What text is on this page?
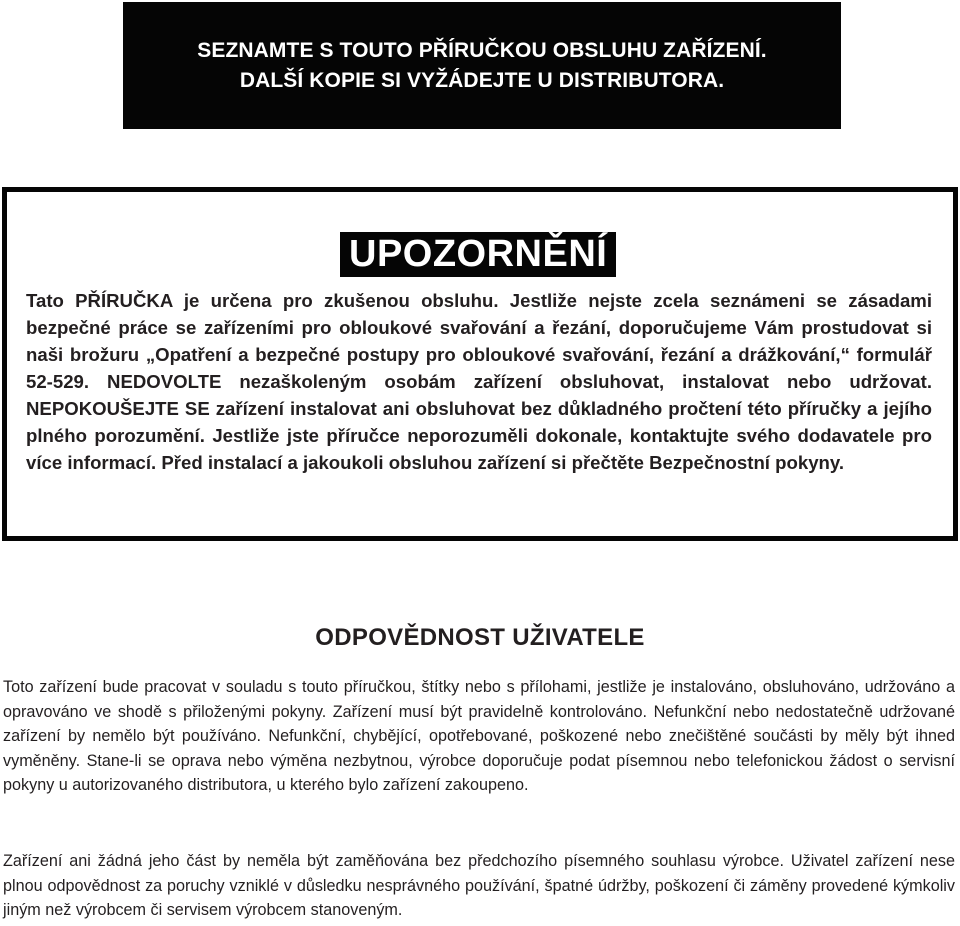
SEZNAMTE S TOUTO PŘÍRUČKOU OBSLUHU ZAŘÍZENÍ.
DALŠÍ KOPIE SI VYŽÁDEJTE U DISTRIBUTORA.
UPOZORNĚNÍ
Tato PŘÍRUČKA je určena pro zkušenou obsluhu. Jestliže nejste zcela seznámeni se zásadami bezpečné práce se zařízeními pro obloukové svařování a řezání, doporučujeme Vám prostudovat si naši brožuru „Opatření a bezpečné postupy pro obloukové svařování, řezání a drážkování,“ formulář 52-529. NEDOVOLTE nezaškoleným osobám zařízení obsluhovat, instalovat nebo udržovat. NEPOKOUŠEJTE SE zařízení instalovat ani obsluhovat bez důkladného pročtení této příručky a jejího plného porozumění. Jestliže jste příručce neporozuměli dokonale, kontaktujte svého dodavatele pro více informací. Před instalací a jakoukoli obsluhou zařízení si přečtěte Bezpečnostní pokyny.
ODPOVĚDNOST UŽIVATELE
Toto zařízení bude pracovat v souladu s touto příručkou, štítky nebo s přílohami, jestliže je instalováno, obsluhováno, udržováno a opravováno ve shodě s přiloženými pokyny. Zařízení musí být pravidelně kontrolováno. Nefunkční nebo nedostatečně udržované zařízení by nemělo být používáno. Nefunkční, chybějící, opotřebované, poškozené nebo znečištěné součásti by měly být ihned vyměněny. Stane-li se oprava nebo výměna nezbytnou, výrobce doporučuje podat písemnou nebo telefonickou žádost o servisní pokyny u autorizovaného distributora, u kterého bylo zařízení zakoupeno.
Zařízení ani žádná jeho část by neměla být zaměňována bez předchozího písemného souhlasu výrobce. Uživatel zařízení nese plnou odpovědnost za poruchy vzniklé v důsledku nesprávného používání, špatné údržby, poškození či záměny provedené kýmkoliv jiným než výrobcem či servisem výrobcem stanoveným.
